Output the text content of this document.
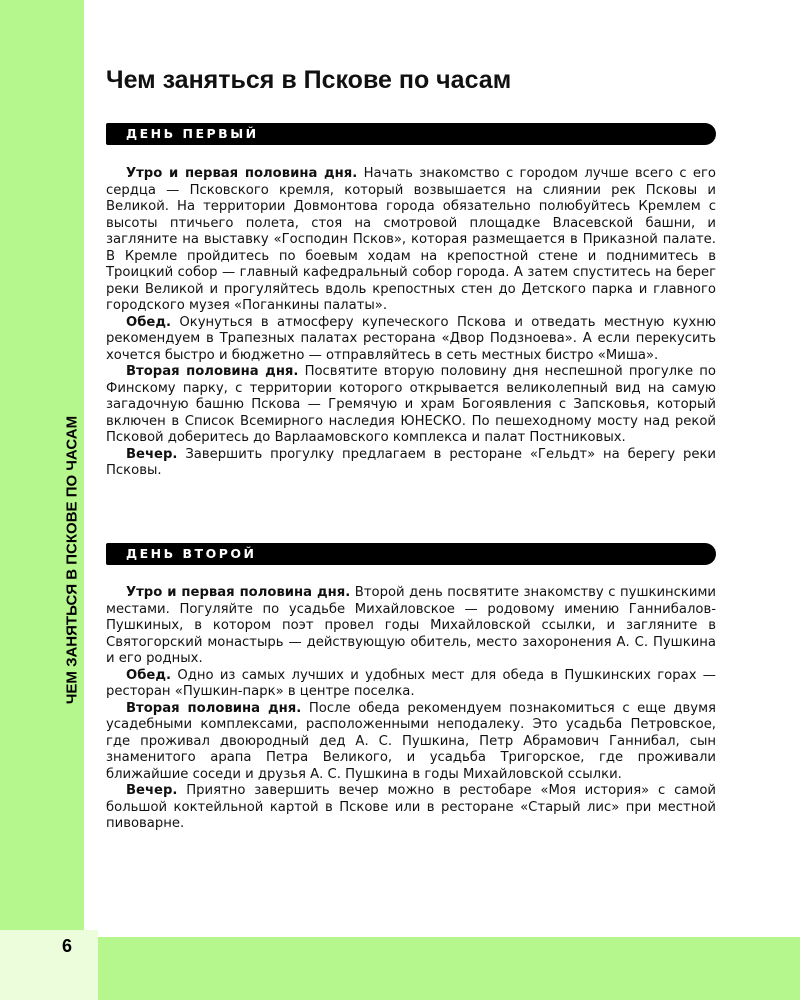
6
ЧЕМ ЗАНЯТЬСЯ В ПСКОВЕ ПО ЧАСАМ
Чем заняться в Пскове по часам
ДЕНЬ ПЕРВЫЙ

Утро и первая половина дня. Начать знакомство с городом лучше всего с его сердца — Псковского кремля, который возвышается на слиянии рек Псковы и Великой. На территории Довмонтова города обязательно полюбуйтесь Кремлем с высоты птичьего полета, стоя на смотровой площадке Власевской башни, и загляните на выставку «Господин Псков», которая размещается в Приказной палате. В Кремле пройдитесь по боевым ходам на крепостной стене и поднимитесь в Троицкий собор — главный кафедральный собор города. А затем спуститесь на берег реки Великой и прогуляйтесь вдоль крепостных стен до Детского парка и главного городского музея «Поганкины палаты».

Обед. Окунуться в атмосферу купеческого Пскова и отведать местную кухню рекомендуем в Трапезных палатах ресторана «Двор Подзноева». А если перекусить хочется быстро и бюджетно — отправляйтесь в сеть местных бистро «Миша».

Вторая половина дня. Посвятите вторую половину дня неспешной прогулке по Финскому парку, с территории которого открывается великолепный вид на самую загадочную башню Пскова — Гремячую и храм Богоявления с Запсковья, который включен в Список Всемирного наследия ЮНЕСКО. По пешеходному мосту над рекой Псковой доберитесь до Варлаамовского комплекса и палат Постниковых.

Вечер. Завершить прогулку предлагаем в ресторане «Гельдт» на берегу реки Псковы.

ДЕНЬ ВТОРОЙ

Утро и первая половина дня. Второй день посвятите знакомству с пушкинскими местами. Погуляйте по усадьбе Михайловское — родовому имению Ганнибалов-Пушкиных, в котором поэт провел годы Михайловской ссылки, и загляните в Святогорский монастырь — действующую обитель, место захоронения А. С. Пушкина и его родных.

Обед. Одно из самых лучших и удобных мест для обеда в Пушкинских горах — ресторан «Пушкин-парк» в центре поселка.

Вторая половина дня. После обеда рекомендуем познакомиться с еще двумя усадебными комплексами, расположенными неподалеку. Это усадьба Петровское, где проживал двоюродный дед А. С. Пушкина, Петр Абрамович Ганнибал, сын знаменитого арапа Петра Великого, и усадьба Тригорское, где проживали ближайшие соседи и друзья А. С. Пушкина в годы Михайловской ссылки.

Вечер. Приятно завершить вечер можно в рестобаре «Моя история» с самой большой коктейльной картой в Пскове или в ресторане «Старый лис» при местной пивоварне.
